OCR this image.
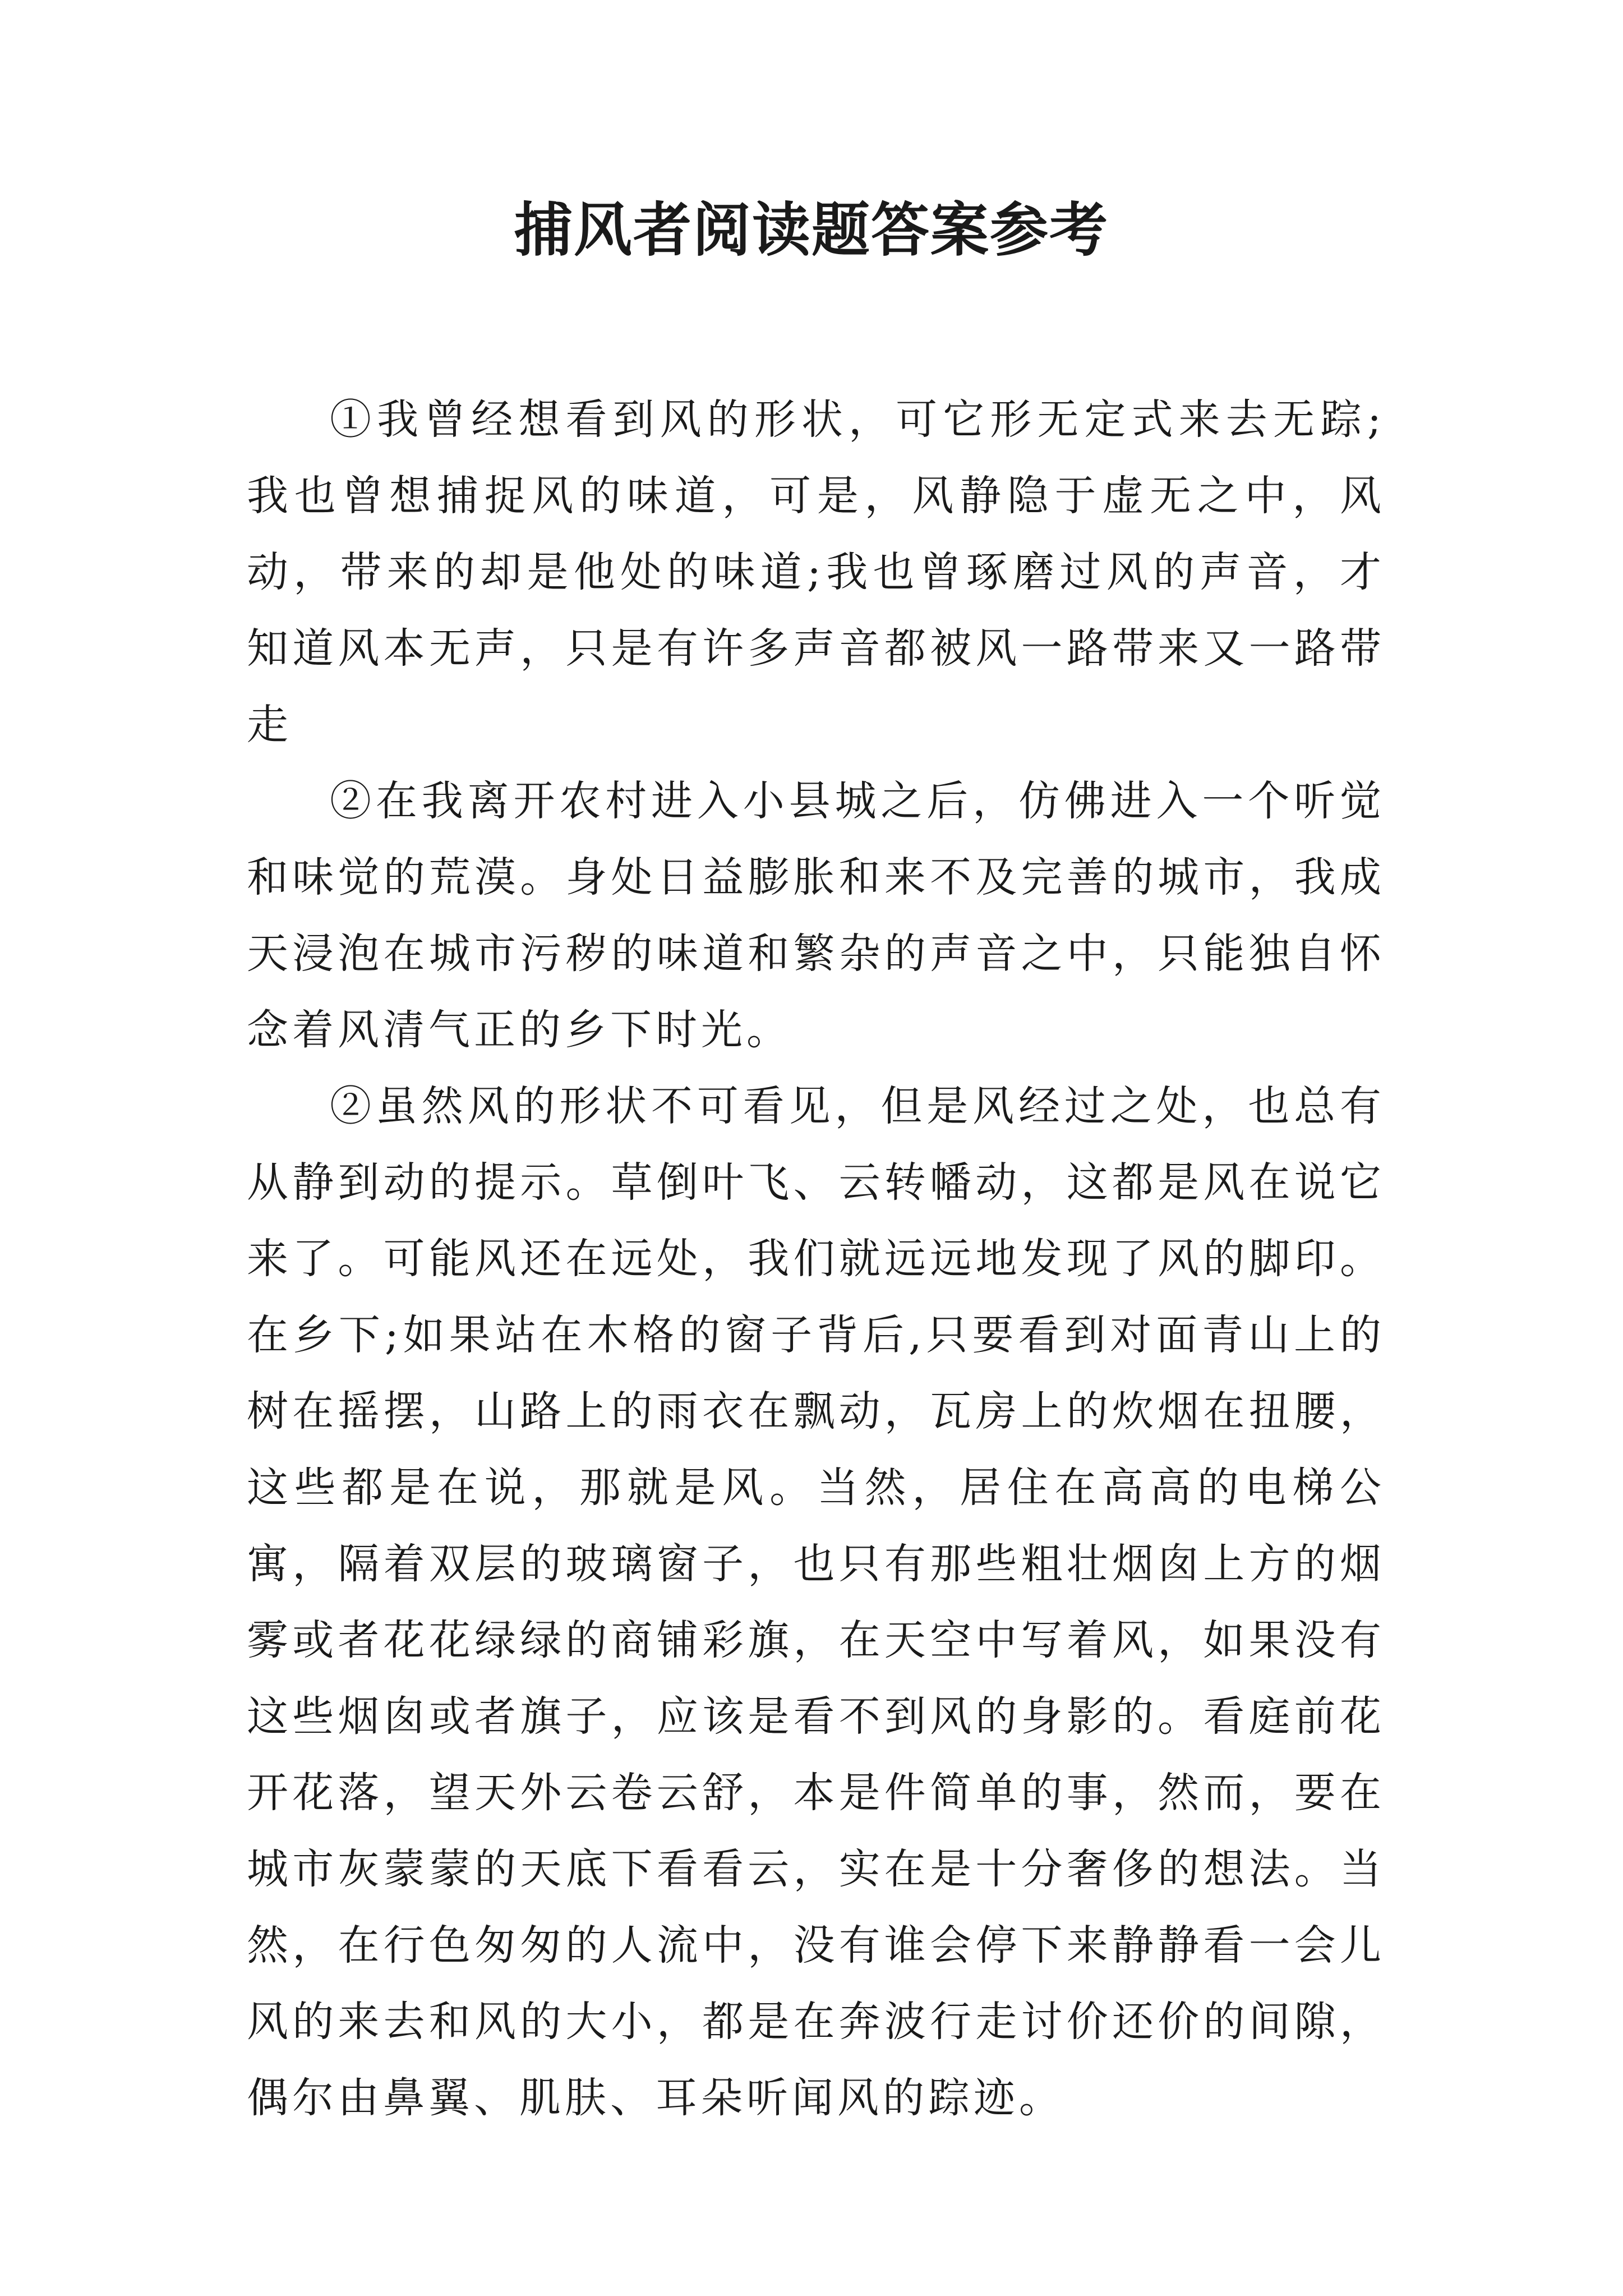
捕风者阅读题答案参考

①我曾经想看到风的形状，可它形无定式来去无踪;我也曾想捕捉风的味道，可是，风静隐于虚无之中，风动，带来的却是他处的味道;我也曾琢磨过风的声音，才知道风本无声，只是有许多声音都被风一路带来又一路带走

②在我离开农村进入小县城之后，仿佛进入一个听觉和味觉的荒漠。身处日益膨胀和来不及完善的城市，我成天浸泡在城市污秽的味道和繁杂的声音之中，只能独自怀念着风清气正的乡下时光。

②虽然风的形状不可看见，但是风经过之处，也总有从静到动的提示。草倒叶飞、云转幡动，这都是风在说它来了。可能风还在远处，我们就远远地发现了风的脚印。在乡下;如果站在木格的窗子背后,只要看到对面青山上的树在摇摆，山路上的雨衣在飘动，瓦房上的炊烟在扭腰，这些都是在说，那就是风。当然，居住在高高的电梯公寓，隔着双层的玻璃窗子，也只有那些粗壮烟囱上方的烟雾或者花花绿绿的商铺彩旗，在天空中写着风，如果没有这些烟囱或者旗子，应该是看不到风的身影的。看庭前花开花落，望天外云卷云舒，本是件简单的事，然而，要在城市灰蒙蒙的天底下看看云，实在是十分奢侈的想法。当然，在行色匆匆的人流中，没有谁会停下来静静看一会儿风的来去和风的大小，都是在奔波行走讨价还价的间隙，偶尔由鼻翼、肌肤、耳朵听闻风的踪迹。
